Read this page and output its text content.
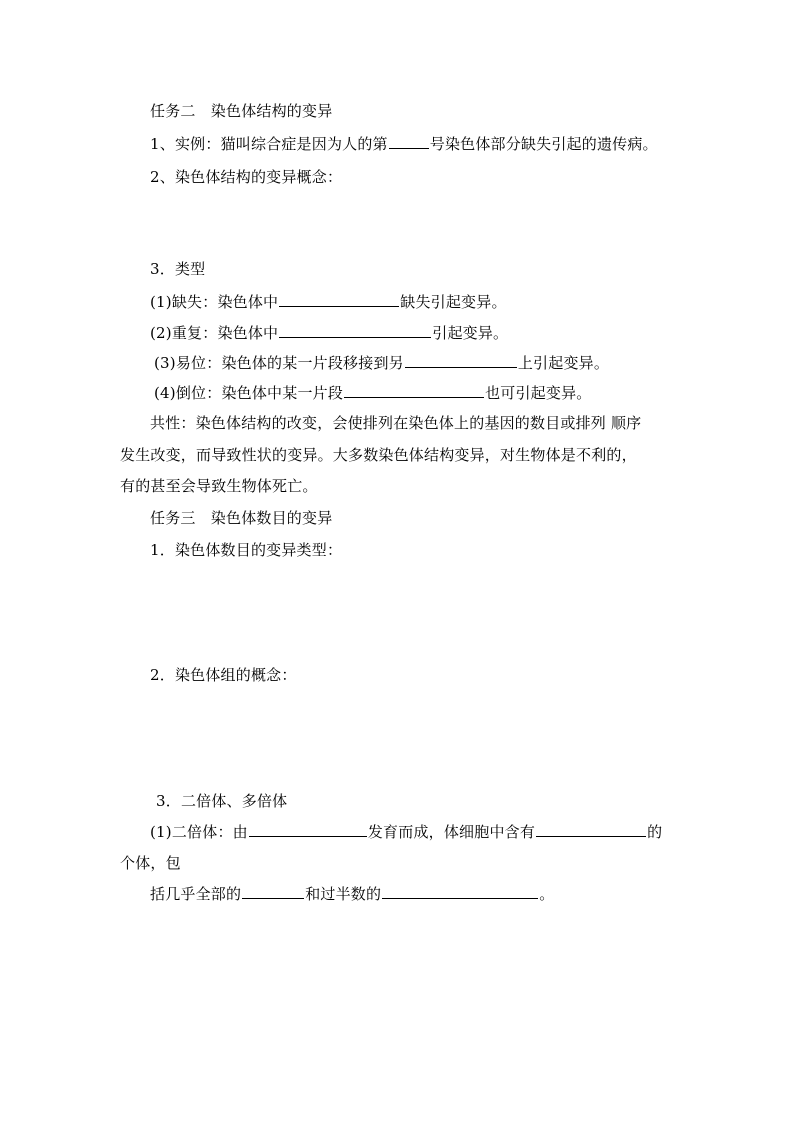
任务二　染色体结构的变异
1、实例：猫叫综合症是因为人的第	号染色体部分缺失引起的遗传病。
2、染色体结构的变异概念：
3．类型
(1)缺失：染色体中	缺失引起变异。
(2)重复：染色体中	引起变异。
(3)易位：染色体的某一片段移接到另	上引起变异。
(4)倒位：染色体中某一片段	也可引起变异。
共性：染色体结构的改变，会使排列在染色体上的基因的数目或排列 顺序
发生改变，而导致性状的变异。大多数染色体结构变异，对生物体是不利的，
有的甚至会导致生物体死亡。
任务三　染色体数目的变异
1．染色体数目的变异类型：
2．染色体组的概念：
3．二倍体、多倍体
(1)二倍体：由	发育而成，体细胞中含有	的
个体，包
括几乎全部的	和过半数的	。
